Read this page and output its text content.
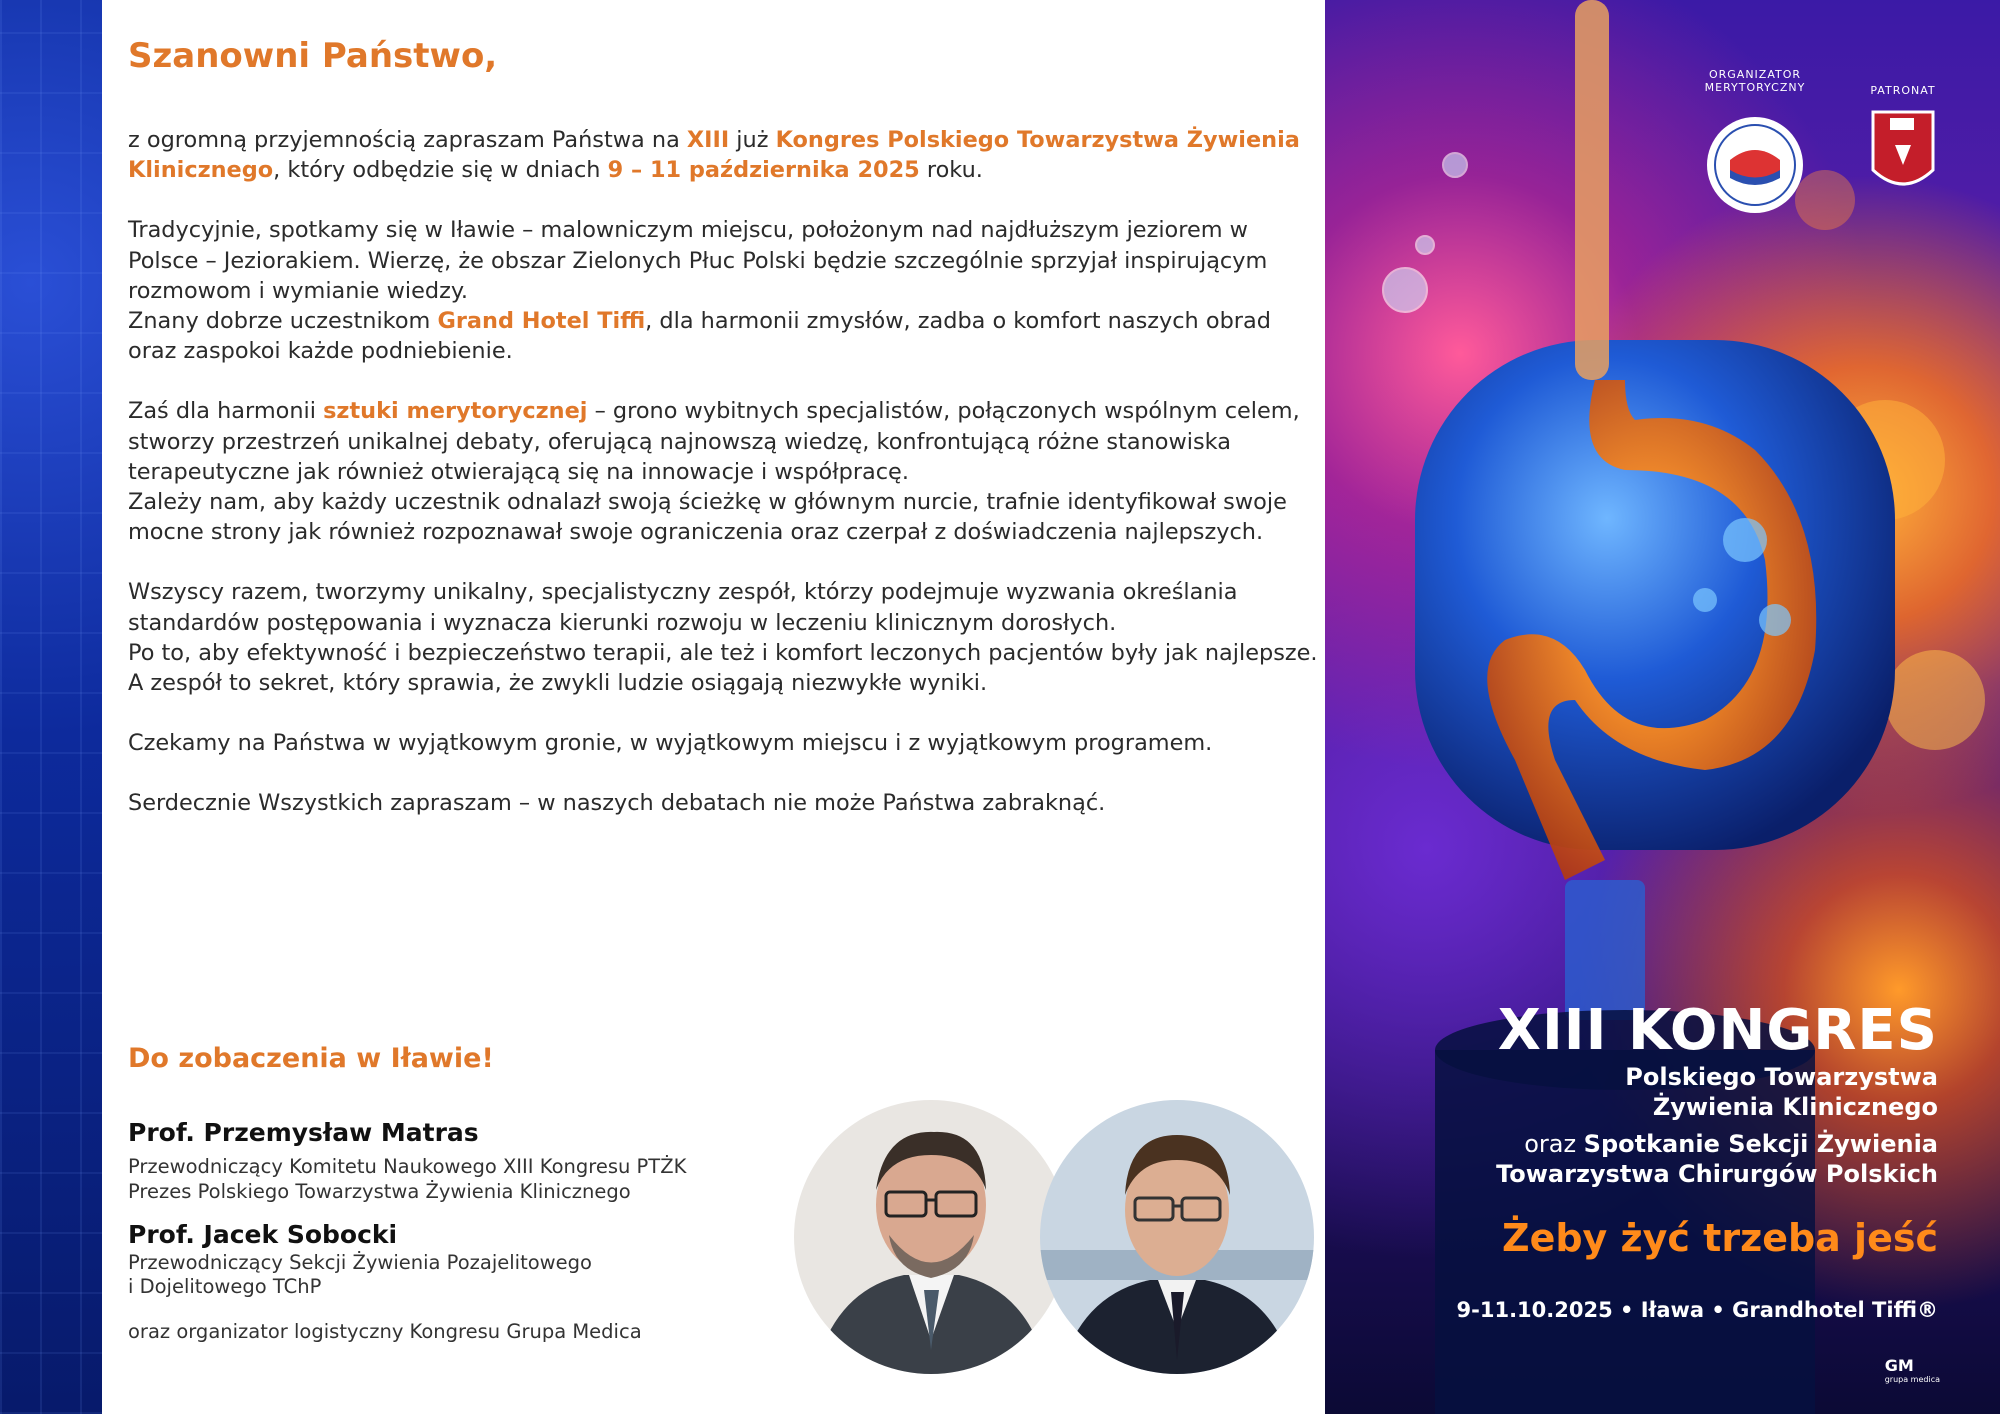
Szanowni Państwo,

z ogromną przyjemnością zapraszam Państwa na XIII już Kongres Polskiego Towarzystwa Żywienia Klinicznego, który odbędzie się w dniach 9 – 11 października 2025 roku.

Tradycyjnie, spotkamy się w Iławie – malowniczym miejscu, położonym nad najdłuższym jeziorem w Polsce – Jeziorakiem. Wierzę, że obszar Zielonych Płuc Polski będzie szczególnie sprzyjał inspirującym rozmowom i wymianie wiedzy.
Znany dobrze uczestnikom Grand Hotel Tiffi, dla harmonii zmysłów, zadba o komfort naszych obrad oraz zaspokoi każde podniebienie.

Zaś dla harmonii sztuki merytorycznej – grono wybitnych specjalistów, połączonych wspólnym celem, stworzy przestrzeń unikalnej debaty, oferującą najnowszą wiedzę, konfrontującą różne stanowiska terapeutyczne jak również otwierającą się na innowacje i współpracę.
Zależy nam, aby każdy uczestnik odnalazł swoją ścieżkę w głównym nurcie, trafnie identyfikował swoje mocne strony jak również rozpoznawał swoje ograniczenia oraz czerpał z doświadczenia najlepszych.

Wszyscy razem, tworzymy unikalny, specjalistyczny zespół, którzy podejmuje wyzwania określania standardów postępowania i wyznacza kierunki rozwoju w leczeniu klinicznym dorosłych.
Po to, aby efektywność i bezpieczeństwo terapii, ale też i komfort leczonych pacjentów były jak najlepsze.
A zespół to sekret, który sprawia, że zwykli ludzie osiągają niezwykłe wyniki.

Czekamy na Państwa w wyjątkowym gronie, w wyjątkowym miejscu i z wyjątkowym programem.

Serdecznie Wszystkich zapraszam – w naszych debatach nie może Państwa zabraknąć.

Do zobaczenia w Iławie!
Prof. Przemysław Matras
Przewodniczący Komitetu Naukowego XIII Kongresu PTŻK
Prezes Polskiego Towarzystwa Żywienia Klinicznego
Prof. Jacek Sobocki
Przewodniczący Sekcji Żywienia Pozajelitowego
i Dojelitowego TChP
oraz organizator logistyczny Kongresu Grupa Medica
ORGANIZATOR
MERYTORYCZNY	PATRONAT
XIII KONGRES
Polskiego Towarzystwa
Żywienia Klinicznego
oraz Spotkanie Sekcji Żywienia
Towarzystwa Chirurgów Polskich
Żeby żyć trzeba jeść
9-11.10.2025 • Iława • Grandhotel Tiffi®
GM
grupa medica
